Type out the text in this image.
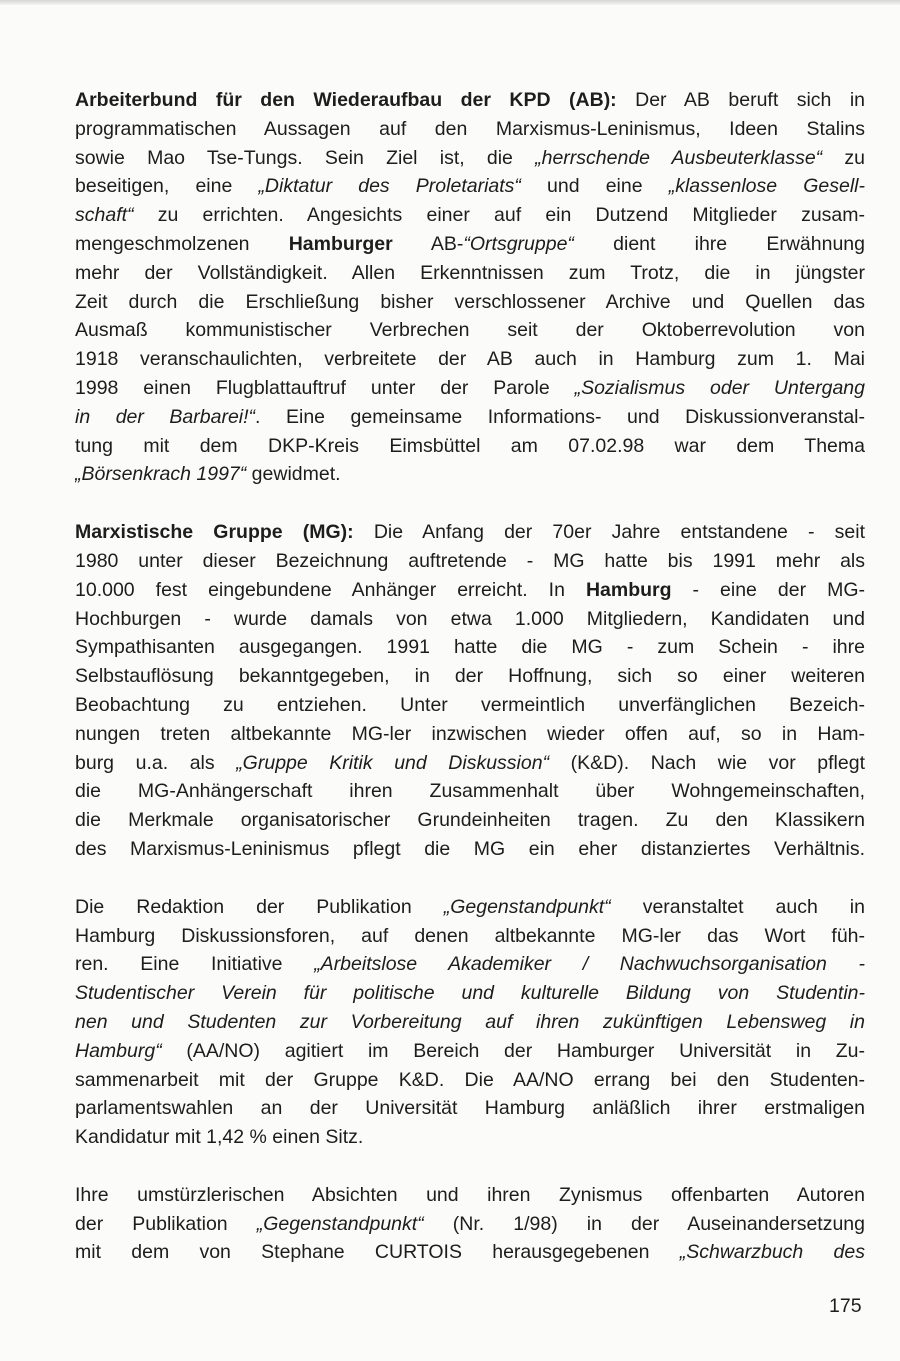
Arbeiterbund für den Wiederaufbau der KPD (AB): Der AB beruft sich in
programmatischen Aussagen auf den Marxismus-Leninismus, Ideen Stalins
sowie Mao Tse-Tungs. Sein Ziel ist, die „herrschende Ausbeuterklasse“ zu
beseitigen, eine „Diktatur des Proletariats“ und eine „klassenlose Gesell-
schaft“ zu errichten. Angesichts einer auf ein Dutzend Mitglieder zusam-
mengeschmolzenen Hamburger AB-“Ortsgruppe“ dient ihre Erwähnung
mehr der Vollständigkeit. Allen Erkenntnissen zum Trotz, die in jüngster
Zeit durch die Erschließung bisher verschlossener Archive und Quellen das
Ausmaß kommunistischer Verbrechen seit der Oktoberrevolution von
1918 veranschaulichten, verbreitete der AB auch in Hamburg zum 1. Mai
1998 einen Flugblattauftruf unter der Parole „Sozialismus oder Untergang
in der Barbarei!“. Eine gemeinsame Informations- und Diskussionveranstal-
tung mit dem DKP-Kreis Eimsbüttel am 07.02.98 war dem Thema
„Börsenkrach 1997“ gewidmet.
Marxistische Gruppe (MG): Die Anfang der 70er Jahre entstandene - seit
1980 unter dieser Bezeichnung auftretende - MG hatte bis 1991 mehr als
10.000 fest eingebundene Anhänger erreicht. In Hamburg - eine der MG-
Hochburgen - wurde damals von etwa 1.000 Mitgliedern, Kandidaten und
Sympathisanten ausgegangen. 1991 hatte die MG - zum Schein - ihre
Selbstauflösung bekanntgegeben, in der Hoffnung, sich so einer weiteren
Beobachtung zu entziehen. Unter vermeintlich unverfänglichen Bezeich-
nungen treten altbekannte MG-ler inzwischen wieder offen auf, so in Ham-
burg u.a. als „Gruppe Kritik und Diskussion“ (K&D). Nach wie vor pflegt
die MG-Anhängerschaft ihren Zusammenhalt über Wohngemeinschaften,
die Merkmale organisatorischer Grundeinheiten tragen. Zu den Klassikern
des Marxismus-Leninismus pflegt die MG ein eher distanziertes Verhältnis.
Die Redaktion der Publikation „Gegenstandpunkt“ veranstaltet auch in
Hamburg Diskussionsforen, auf denen altbekannte MG-ler das Wort füh-
ren. Eine Initiative „Arbeitslose Akademiker / Nachwuchsorganisation -
Studentischer Verein für politische und kulturelle Bildung von Studentin-
nen und Studenten zur Vorbereitung auf ihren zukünftigen Lebensweg in
Hamburg“ (AA/NO) agitiert im Bereich der Hamburger Universität in Zu-
sammenarbeit mit der Gruppe K&D. Die AA/NO errang bei den Studenten-
parlamentswahlen an der Universität Hamburg anläßlich ihrer erstmaligen
Kandidatur mit 1,42 % einen Sitz.
Ihre umstürzlerischen Absichten und ihren Zynismus offenbarten Autoren
der Publikation „Gegenstandpunkt“ (Nr. 1/98) in der Auseinandersetzung
mit dem von Stephane CURTOIS herausgegebenen „Schwarzbuch des
175
